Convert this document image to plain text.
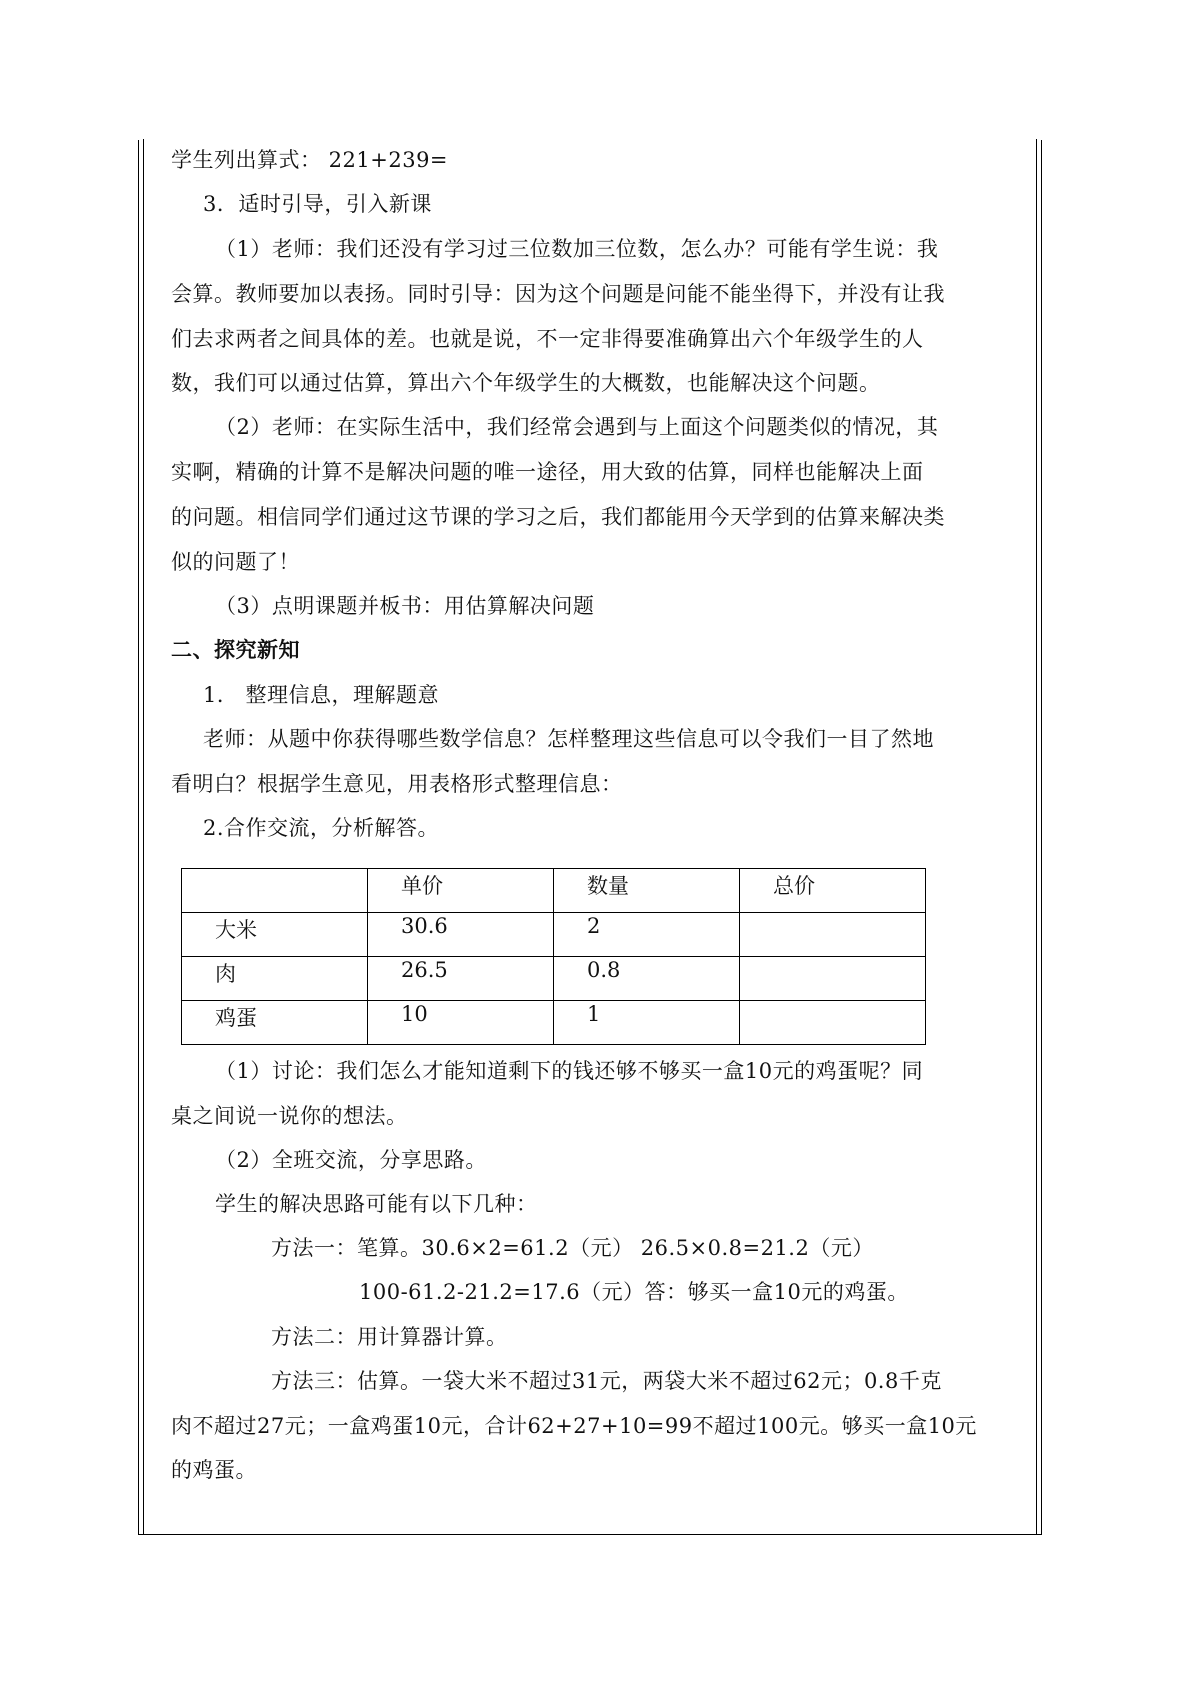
学生列出算式： 221+239=
3．适时引导，引入新课
（1）老师：我们还没有学习过三位数加三位数，怎么办？可能有学生说：我
会算。教师要加以表扬。同时引导：因为这个问题是问能不能坐得下，并没有让我
们去求两者之间具体的差。也就是说，不一定非得要准确算出六个年级学生的人
数，我们可以通过估算，算出六个年级学生的大概数，也能解决这个问题。
（2）老师：在实际生活中，我们经常会遇到与上面这个问题类似的情况，其
实啊，精确的计算不是解决问题的唯一途径，用大致的估算，同样也能解决上面
的问题。相信同学们通过这节课的学习之后，我们都能用今天学到的估算来解决类
似的问题了！
（3）点明课题并板书：用估算解决问题
二、探究新知
1． 整理信息，理解题意
老师：从题中你获得哪些数学信息？怎样整理这些信息可以令我们一目了然地
看明白？根据学生意见，用表格形式整理信息：
2.合作交流，分析解答。
（1）讨论：我们怎么才能知道剩下的钱还够不够买一盒10元的鸡蛋呢？同
桌之间说一说你的想法。
（2）全班交流，分享思路。
学生的解决思路可能有以下几种：
方法一：笔算。30.6×2=61.2（元） 26.5×0.8=21.2（元）
100-61.2-21.2=17.6（元）答：够买一盒10元的鸡蛋。
方法二：用计算器计算。
方法三：估算。一袋大米不超过31元，两袋大米不超过62元；0.8千克
肉不超过27元；一盒鸡蛋10元，合计62+27+10=99不超过100元。够买一盒10元
的鸡蛋。
	单价	数量	总价
大米	30.6	2	
肉	26.5	0.8	
鸡蛋	10	1	
